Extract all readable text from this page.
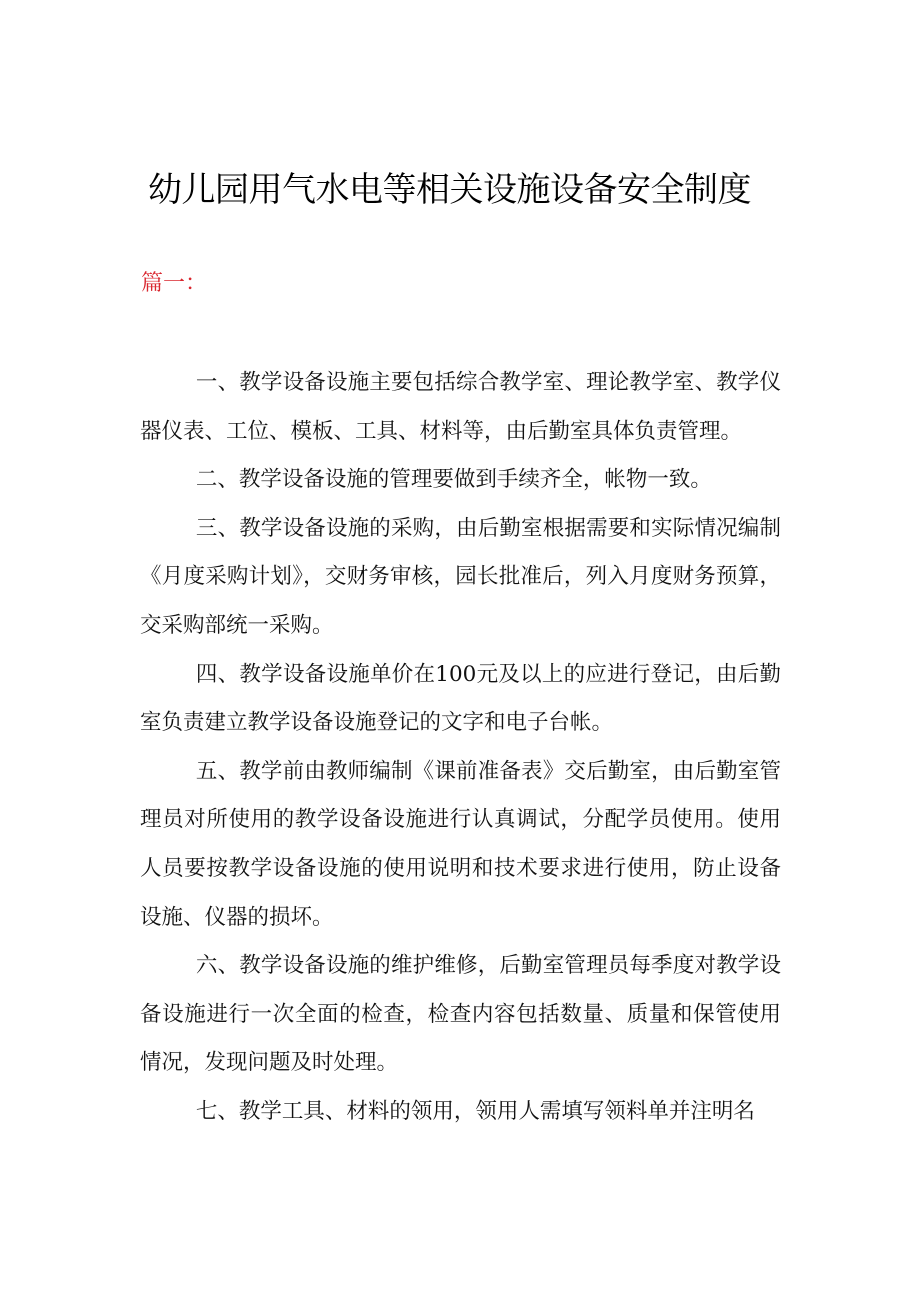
幼儿园用气水电等相关设施设备安全制度
篇一：

一、教学设备设施主要包括综合教学室、理论教学室、教学仪器仪表、工位、模板、工具、材料等，由后勤室具体负责管理。

二、教学设备设施的管理要做到手续齐全，帐物一致。

三、教学设备设施的采购，由后勤室根据需要和实际情况编制《月度采购计划》，交财务审核，园长批准后，列入月度财务预算，交采购部统一采购。

四、教学设备设施单价在100元及以上的应进行登记，由后勤室负责建立教学设备设施登记的文字和电子台帐。

五、教学前由教师编制《课前准备表》交后勤室，由后勤室管理员对所使用的教学设备设施进行认真调试，分配学员使用。使用人员要按教学设备设施的使用说明和技术要求进行使用，防止设备设施、仪器的损坏。

六、教学设备设施的维护维修，后勤室管理员每季度对教学设备设施进行一次全面的检查，检查内容包括数量、质量和保管使用情况，发现问题及时处理。

七、教学工具、材料的领用，领用人需填写领料单并注明名
